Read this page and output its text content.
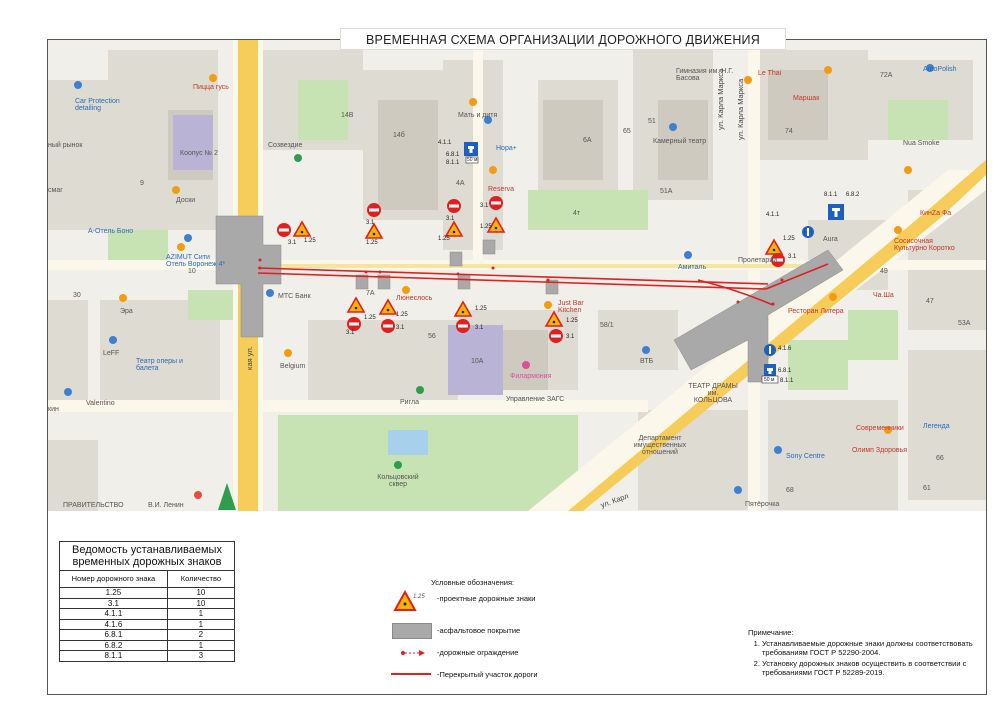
Пицца гусь
Car Protection detailing
Коопус № 2
Созвездие
Доски
А-Отель Боно
AZIMUT Сити Отель Воронеж 4*
МТС Банк
Эра
LeFF
Театр оперы и балета
Valentino
Belgium
Мать и дитя
Нора+
Reserva
Люнеслось
Just Bar Kitchen
Амиталь
Пролетарий
Гимназия им. Н.Г. Басова
Камерный театр
Le Thai
Маршак
AutoPolish
Nua Smoke
КинZa Фа
Aura	Сосисочная Культурно Коротко
Ча.Ша
Ресторан Литера
ВТБ
Филармония
Управление ЗАГС
Ригла
Кольцовский сквер
В.И. Ленин
ПРАВИТЕЛЬСТВО
ТЕАТР ДРАМЫ им. КОЛЬЦОВА
Департамент имущественных отношений
Sony Centre
Современники
Олимп Здоровья
Легенда
Пятёрочка
ул. Карла Маркса ул. Карла Маркса
кая ул.
ул. Карл
кин
смаг
ный рынок
10А
14В
14б
4А
4т
56
58/1
7А
9
10
65
6А
74
51А
72А
49
47
51
53А
68	61
66
30
1.25
3.1	1.25
3.1
1.25
3.1
1.25
3.1
3.1
1.25
3.1
1.25
1.25
3.1
1.25
3.1
4.1.1
4.1.1
4.1.6
6.8.1
8.1.1
50 м
6.8.1
8.1.1 50 м
6.8.2
8.1.1
1.25
3.1
ВРЕМЕННАЯ СХЕМА ОРГАНИЗАЦИИ ДОРОЖНОГО ДВИЖЕНИЯ
Ведомость устанавливаемых временных дорожных знаков	
Номер дорожного знака	Количество
1.25	10
3.1	10
4.1.1	1
4.1.6	1
6.8.1	2
6.8.2	1
8.1.1	3
Условные обозначения:
1.25 -проектные дорожные знаки
-асфальтовое покрытие
-дорожные ограждение
-Перекрытый участок дороги
Примечание:
1. Устанавливаемые дорожные знаки должны соответствовать требованиям ГОСТ Р 52290-2004.
2. Установку дорожных знаков осуществить в соответствии с требованиями ГОСТ Р 52289-2019.
